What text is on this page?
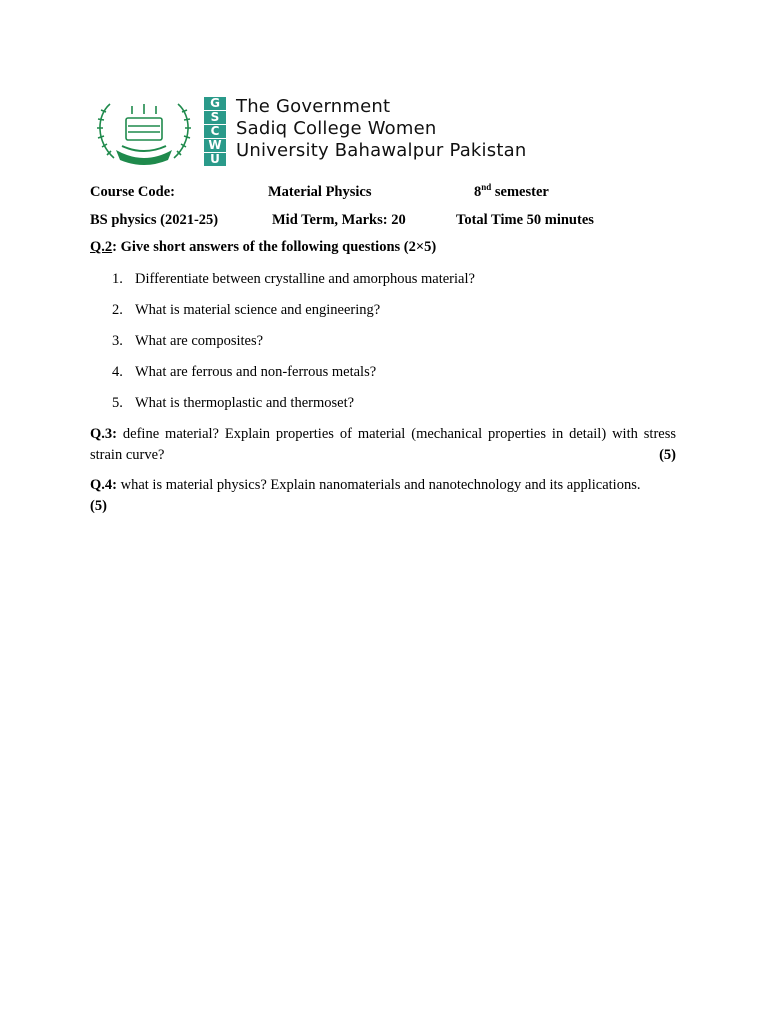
G
S
C
W
U
The Government
Sadiq College Women
University Bahawalpur Pakistan
Course Code:	Material Physics	8nd semester
BS physics (2021-25)	Mid Term, Marks: 20	Total Time 50 minutes
Q.2: Give short answers of the following questions (2×5)
1. Differentiate between crystalline and amorphous material?
2. What is material science and engineering?
3. What are composites?
4. What are ferrous and non-ferrous metals?
5. What is thermoplastic and thermoset?
Q.3: define material? Explain properties of material (mechanical properties in detail) with stress strain curve?	(5)
Q.4: what is material physics? Explain nanomaterials and nanotechnology and its applications.
(5)
